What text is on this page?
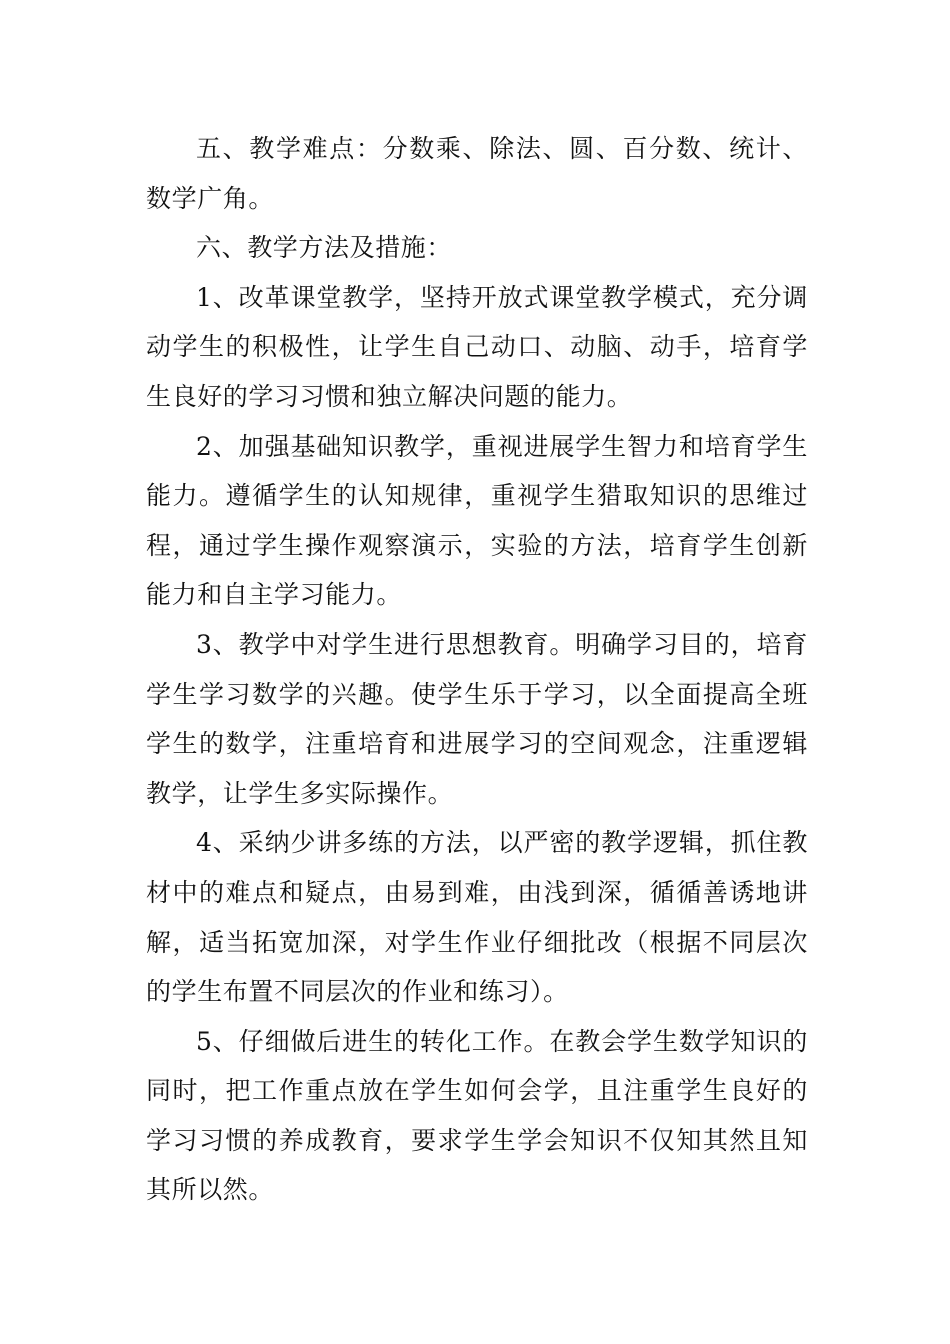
五、教学难点：分数乘、除法、圆、百分数、统计、数学广角。

六、教学方法及措施：

1、改革课堂教学，坚持开放式课堂教学模式，充分调动学生的积极性，让学生自己动口、动脑、动手，培育学生良好的学习习惯和独立解决问题的能力。

2、加强基础知识教学，重视进展学生智力和培育学生能力。遵循学生的认知规律，重视学生猎取知识的思维过程，通过学生操作观察演示，实验的方法，培育学生创新能力和自主学习能力。

3、教学中对学生进行思想教育。明确学习目的，培育学生学习数学的兴趣。使学生乐于学习，以全面提高全班学生的数学，注重培育和进展学习的空间观念，注重逻辑教学，让学生多实际操作。

4、采纳少讲多练的方法，以严密的教学逻辑，抓住教材中的难点和疑点，由易到难，由浅到深，循循善诱地讲解，适当拓宽加深，对学生作业仔细批改（根据不同层次的学生布置不同层次的作业和练习）。

5、仔细做后进生的转化工作。在教会学生数学知识的同时，把工作重点放在学生如何会学，且注重学生良好的学习习惯的养成教育，要求学生学会知识不仅知其然且知其所以然。
